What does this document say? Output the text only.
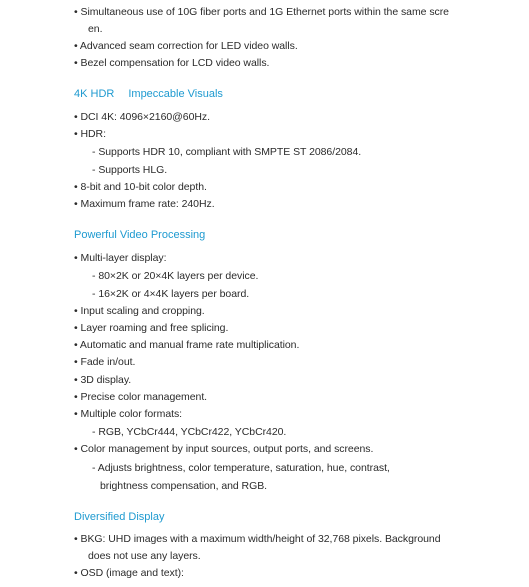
• Simultaneous use of 10G fiber ports and 1G Ethernet ports within the same scre
en.
• Advanced seam correction for LED video walls.
• Bezel compensation for LCD video walls.
4K HDR Impeccable Visuals
• DCI 4K: 4096×2160@60Hz.
• HDR:
- Supports HDR 10, compliant with SMPTE ST 2086/2084.
- Supports HLG.
• 8-bit and 10-bit color depth.
• Maximum frame rate: 240Hz.
Powerful Video Processing
• Multi-layer display:
- 80×2K or 20×4K layers per device.
- 16×2K or 4×4K layers per board.
• Input scaling and cropping.
• Layer roaming and free splicing.
• Automatic and manual frame rate multiplication.
• Fade in/out.
• 3D display.
• Precise color management.
• Multiple color formats:
- RGB, YCbCr444, YCbCr422, YCbCr420.
• Color management by input sources, output ports, and screens.
- Adjusts brightness, color temperature, saturation, hue, contrast,
brightness compensation, and RGB.
Diversified Display
• BKG: UHD images with a maximum width/height of 32,768 pixels. Background
does not use any layers.
• OSD (image and text):
